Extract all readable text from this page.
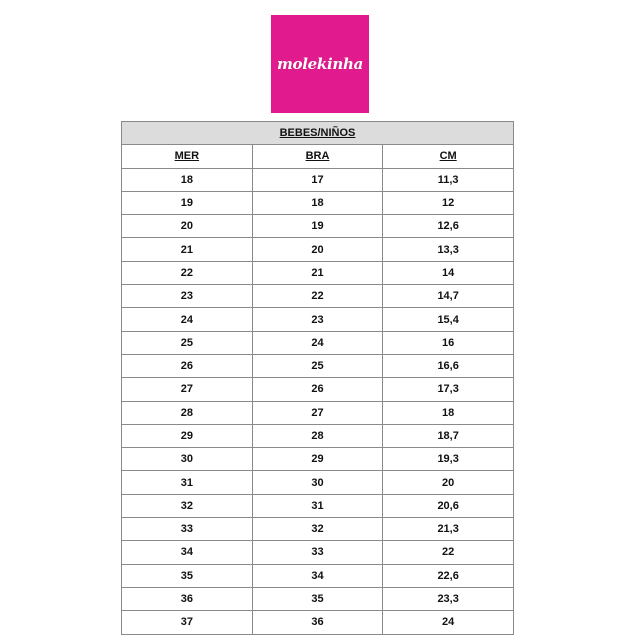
molekinha
BEBES/NIÑOS		
MER	BRA	CM
18	17	11,3
19	18	12
20	19	12,6
21	20	13,3
22	21	14
23	22	14,7
24	23	15,4
25	24	16
26	25	16,6
27	26	17,3
28	27	18
29	28	18,7
30	29	19,3
31	30	20
32	31	20,6
33	32	21,3
34	33	22
35	34	22,6
36	35	23,3
37	36	24
